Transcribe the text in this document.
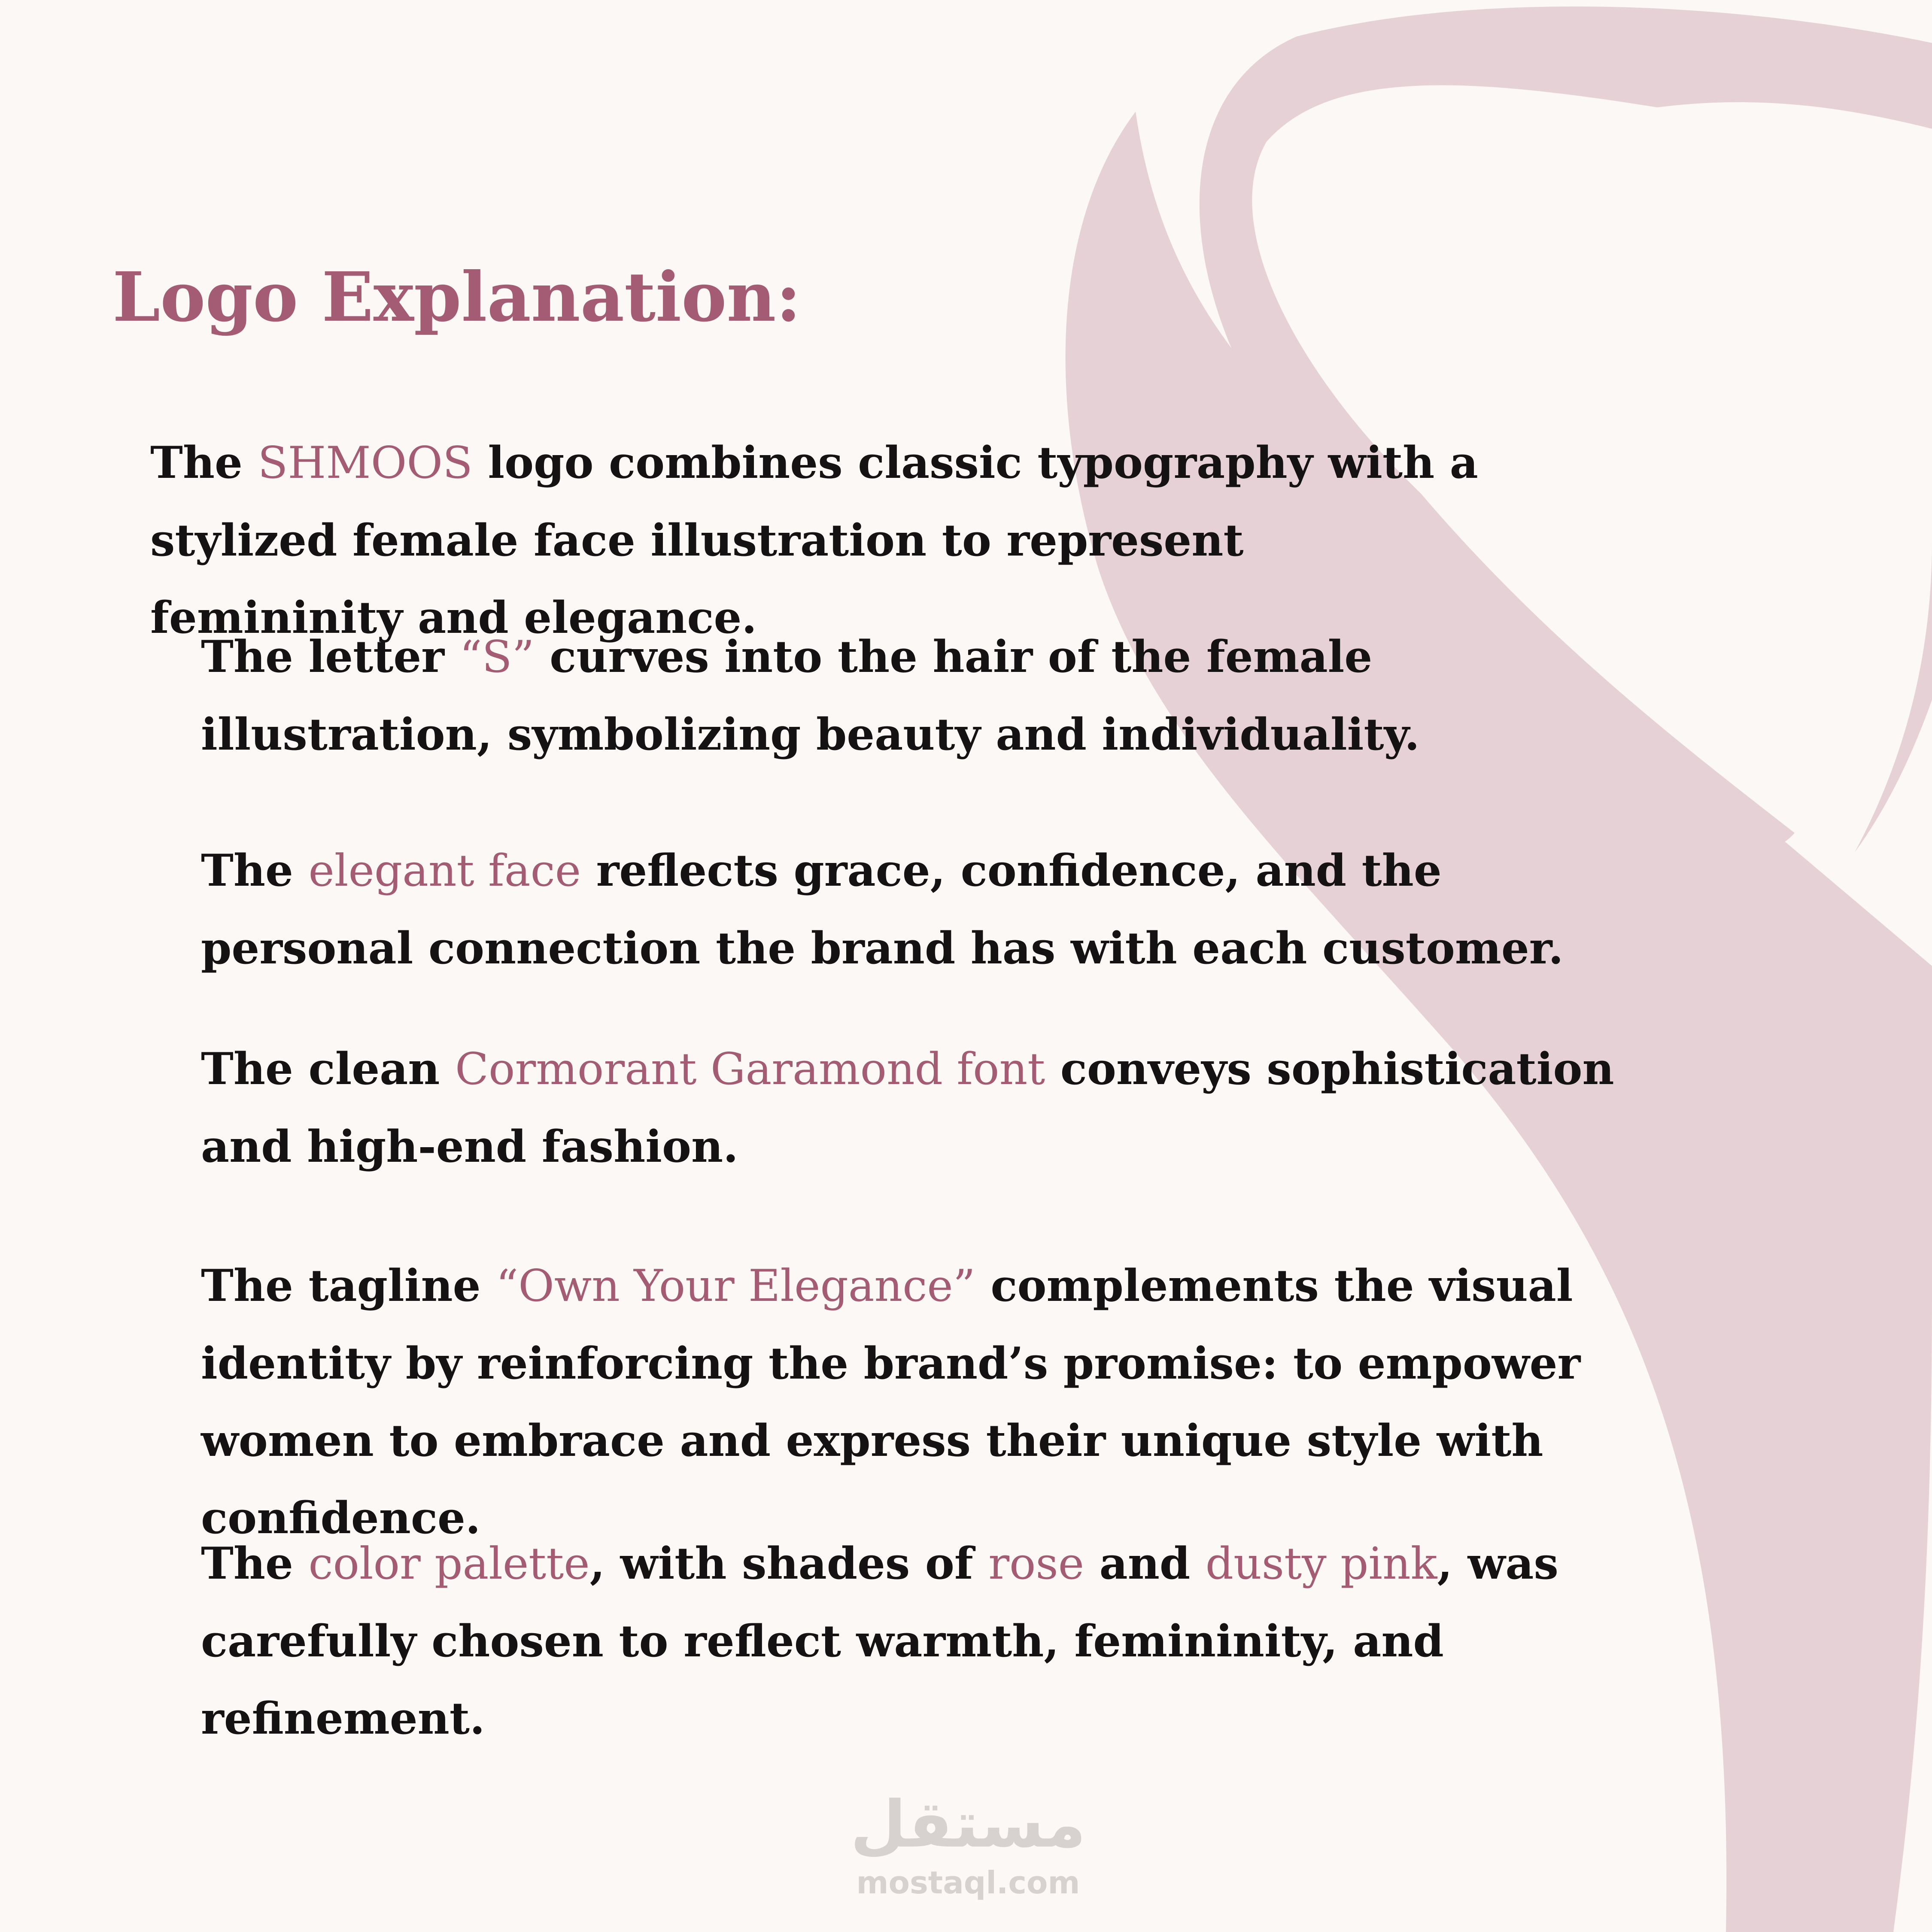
Logo Explanation:

The SHMOOS logo combines classic typography with a stylized female face illustration to represent femininity and elegance.

The letter “S” curves into the hair of the female illustration, symbolizing beauty and individuality.

The elegant face reflects grace, confidence, and the personal connection the brand has with each customer.

The clean Cormorant Garamond font conveys sophistication and high-end fashion.

The tagline “Own Your Elegance” complements the visual identity by reinforcing the brand’s promise: to empower women to embrace and express their unique style with confidence.

The color palette, with shades of rose and dusty pink, was carefully chosen to reflect warmth, femininity, and refinement.

مستقل
mostaql.com
